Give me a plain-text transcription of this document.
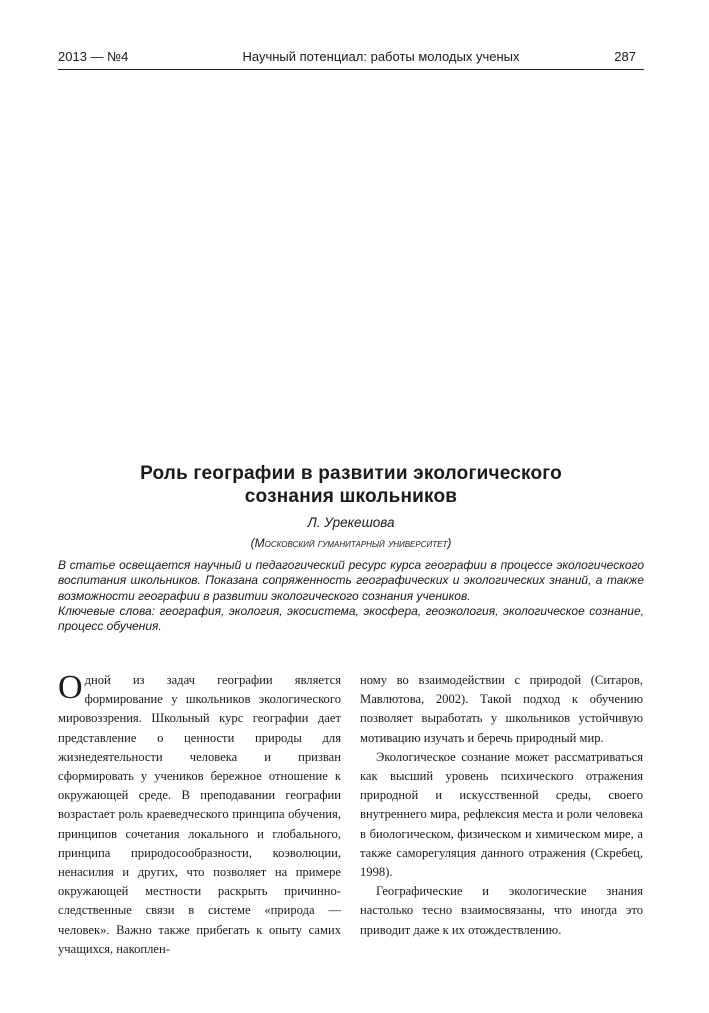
2013 — №4	Научный потенциал: работы молодых ученых	287
Роль географии в развитии экологического
сознания школьников
Л. Урекешова
(Московский гуманитарный университет)

В статье освещается научный и педагогический ресурс курса географии в процессе экологического воспитания школьников. Показана сопряженность географических и экологических знаний, а также возможности географии в развитии экологического сознания учеников.

Ключевые слова: география, экология, экосистема, экосфера, геоэкология, экологическое сознание, процесс обучения.

Одной из задач географии является формирование у школьников экологического мировоззрения. Школьный курс географии дает представление о ценности природы для жизнедеятельности человека и призван сформировать у учеников бережное отношение к окружающей среде. В преподавании географии возрастает роль краеведческого принципа обучения, принципов сочетания локального и глобального, принципа природосообразности, коэволюции, ненасилия и других, что позволяет на примере окружающей местности раскрыть причинно-следственные связи в системе «природа — человек». Важно также прибегать к опыту самих учащихся, накоплен-

ному во взаимодействии с природой (Ситаров, Мавлютова, 2002). Такой подход к обучению позволяет выработать у школьников устойчивую мотивацию изучать и беречь природный мир.

Экологическое сознание может рассматриваться как высший уровень психического отражения природной и искусственной среды, своего внутреннего мира, рефлексия места и роли человека в биологическом, физическом и химическом мире, а также саморегуляция данного отражения (Скребец, 1998).

Географические и экологические знания настолько тесно взаимосвязаны, что иногда это приводит даже к их отождествлению.
